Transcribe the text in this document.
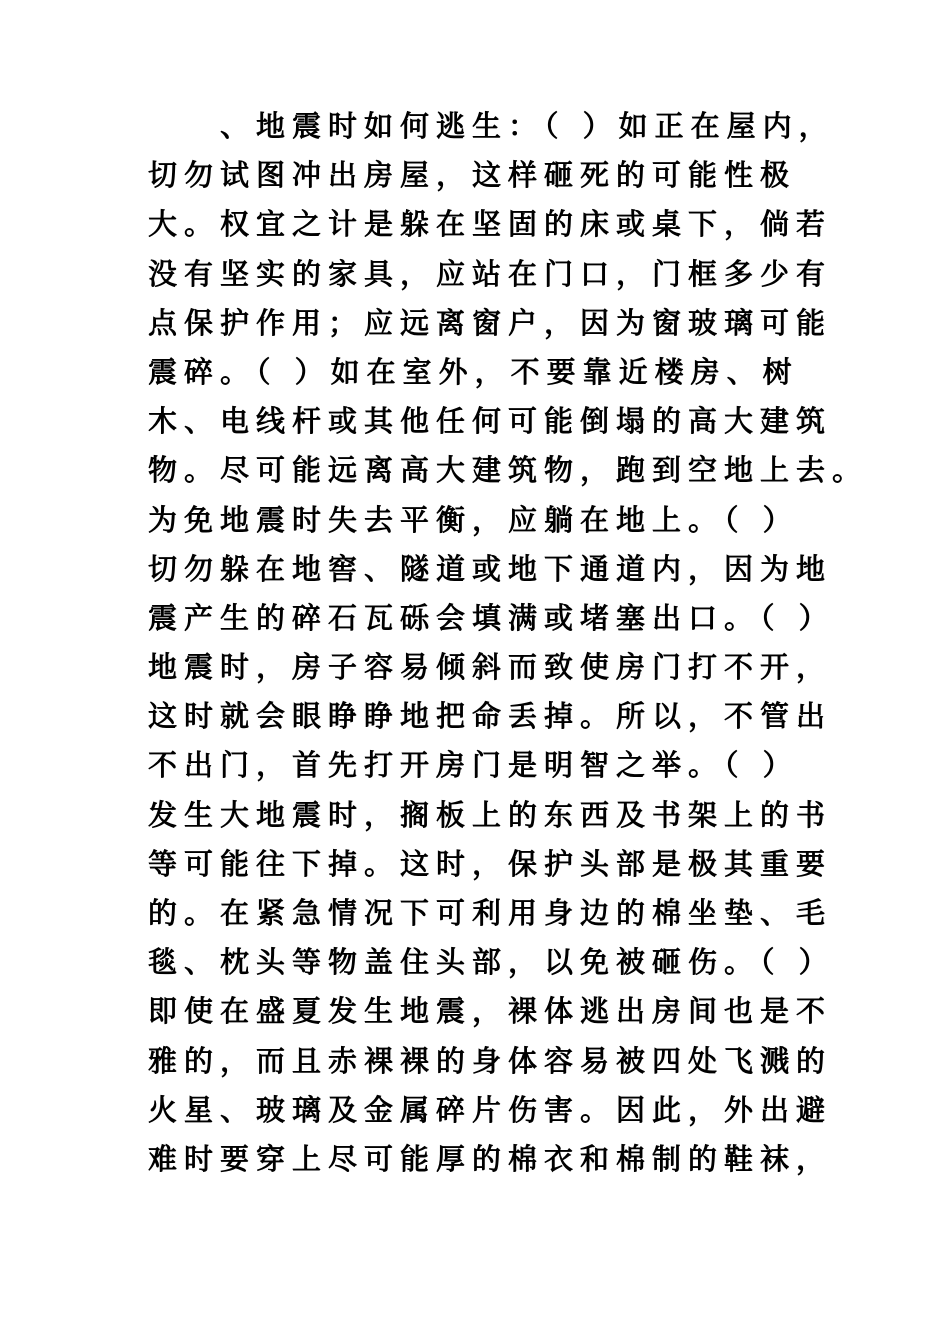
　　、地震时如何逃生：（ ）如正在屋内，
切勿试图冲出房屋，这样砸死的可能性极
大。权宜之计是躲在坚固的床或桌下，倘若
没有坚实的家具，应站在门口，门框多少有
点保护作用；应远离窗户，因为窗玻璃可能
震碎。（ ）如在室外，不要靠近楼房、树
木、电线杆或其他任何可能倒塌的高大建筑
物。尽可能远离高大建筑物，跑到空地上去。
为免地震时失去平衡，应躺在地上。（ ）
切勿躲在地窖、隧道或地下通道内，因为地
震产生的碎石瓦砾会填满或堵塞出口。（ ）
地震时，房子容易倾斜而致使房门打不开，
这时就会眼睁睁地把命丢掉。所以，不管出
不出门，首先打开房门是明智之举。（ ）
发生大地震时，搁板上的东西及书架上的书
等可能往下掉。这时，保护头部是极其重要
的。在紧急情况下可利用身边的棉坐垫、毛
毯、枕头等物盖住头部，以免被砸伤。（ ）
即使在盛夏发生地震，裸体逃出房间也是不
雅的，而且赤裸裸的身体容易被四处飞溅的
火星、玻璃及金属碎片伤害。因此，外出避
难时要穿上尽可能厚的棉衣和棉制的鞋袜，
